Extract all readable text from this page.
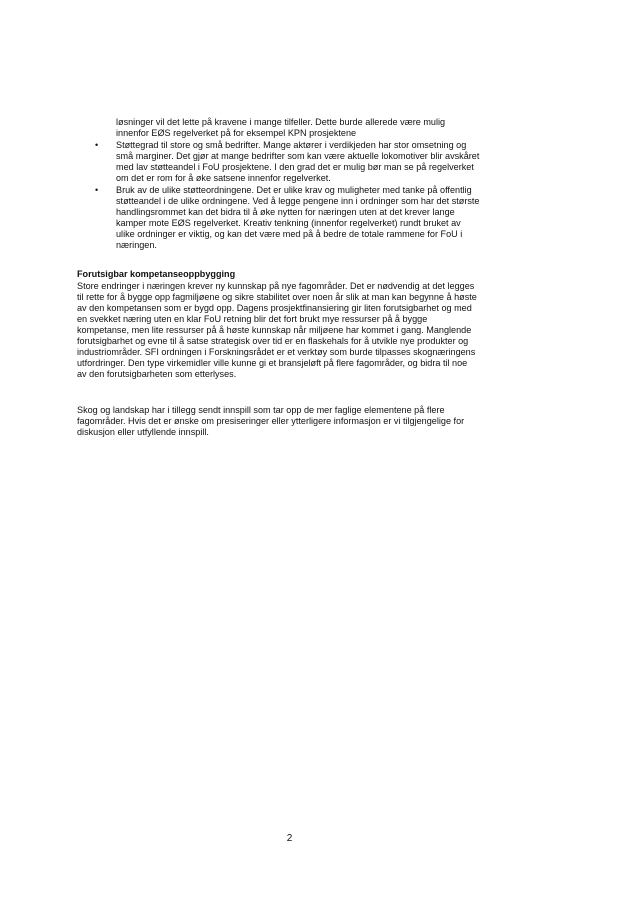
løsninger vil det lette på kravene i mange tilfeller. Dette burde allerede være mulig
innenfor EØS regelverket på for eksempel KPN prosjektene
• Støttegrad til store og små bedrifter. Mange aktører i verdikjeden har stor omsetning og
små marginer. Det gjør at mange bedrifter som kan være aktuelle lokomotiver blir avskåret
med lav støtteandel i FoU prosjektene. I den grad det er mulig bør man se på regelverket
om det er rom for å øke satsene innenfor regelverket.
• Bruk av de ulike støtteordningene. Det er ulike krav og muligheter med tanke på offentlig
støtteandel i de ulike ordningene. Ved å legge pengene inn i ordninger som har det største
handlingsrommet kan det bidra til å øke nytten for næringen uten at det krever lange
kamper mote EØS regelverket. Kreativ tenkning (innenfor regelverket) rundt bruket av
ulike ordninger er viktig, og kan det være med på å bedre de totale rammene for FoU i
næringen.
Forutsigbar kompetanseoppbygging
Store endringer i næringen krever ny kunnskap på nye fagområder. Det er nødvendig at det legges
til rette for å bygge opp fagmiljøene og sikre stabilitet over noen år slik at man kan begynne å høste
av den kompetansen som er bygd opp. Dagens prosjektfinansiering gir liten forutsigbarhet og med
en svekket næring uten en klar FoU retning blir det fort brukt mye ressurser på å bygge
kompetanse, men lite ressurser på å høste kunnskap når miljøene har kommet i gang. Manglende
forutsigbarhet og evne til å satse strategisk over tid er en flaskehals for å utvikle nye produkter og
industriområder. SFI ordningen i Forskningsrådet er et verktøy som burde tilpasses skognæringens
utfordringer. Den type virkemidler ville kunne gi et bransjeløft på flere fagområder, og bidra til noe
av den forutsigbarheten som etterlyses.
Skog og landskap har i tillegg sendt innspill som tar opp de mer faglige elementene på flere
fagområder. Hvis det er ønske om presiseringer eller ytterligere informasjon er vi tilgjengelige for
diskusjon eller utfyllende innspill.
2
